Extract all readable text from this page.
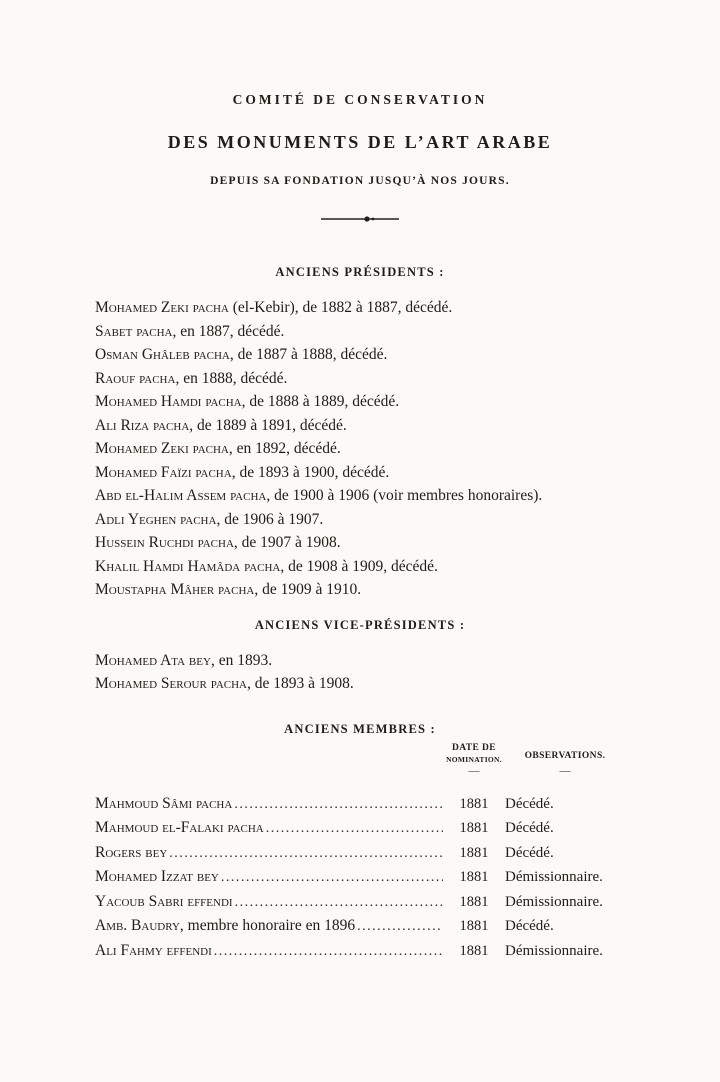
COMITÉ DE CONSERVATION
DES MONUMENTS DE L’ART ARABE
DEPUIS SA FONDATION JUSQU’À NOS JOURS.
ANCIENS PRÉSIDENTS :

Mohamed Zeki pacha (el-Kebir), de 1882 à 1887, décédé.

Sabet pacha, en 1887, décédé.

Osman Ghâleb pacha, de 1887 à 1888, décédé.

Raouf pacha, en 1888, décédé.

Mohamed Hamdi pacha, de 1888 à 1889, décédé.

Ali Riza pacha, de 1889 à 1891, décédé.

Mohamed Zeki pacha, en 1892, décédé.

Mohamed Faïzi pacha, de 1893 à 1900, décédé.

Abd el-Halim Assem pacha, de 1900 à 1906 (voir membres honoraires).

Adli Yeghen pacha, de 1906 à 1907.

Hussein Ruchdi pacha, de 1907 à 1908.

Khalil Hamdi Hamâda pacha, de 1908 à 1909, décédé.

Moustapha Mâher pacha, de 1909 à 1910.

ANCIENS VICE-PRÉSIDENTS :

Mohamed Ata bey, en 1893.

Mohamed Serour pacha, de 1893 à 1908.

ANCIENS MEMBRES :
DATE DE
NOMINATION.
—
OBSERVATIONS.
—
Mahmoud Sâmi pacha .....	1881	Décédé.
Mahmoud el-Falaki pacha .....	1881	Décédé.
Rogers bey .....	1881	Décédé.
Mohamed Izzat bey .....	1881	Démissionnaire.
Yacoub Sabri effendi .....	1881	Démissionnaire.
Amb. Baudry, membre honoraire en 1896 .....	1881	Décédé.
Ali Fahmy effendi .....	1881	Démissionnaire.
